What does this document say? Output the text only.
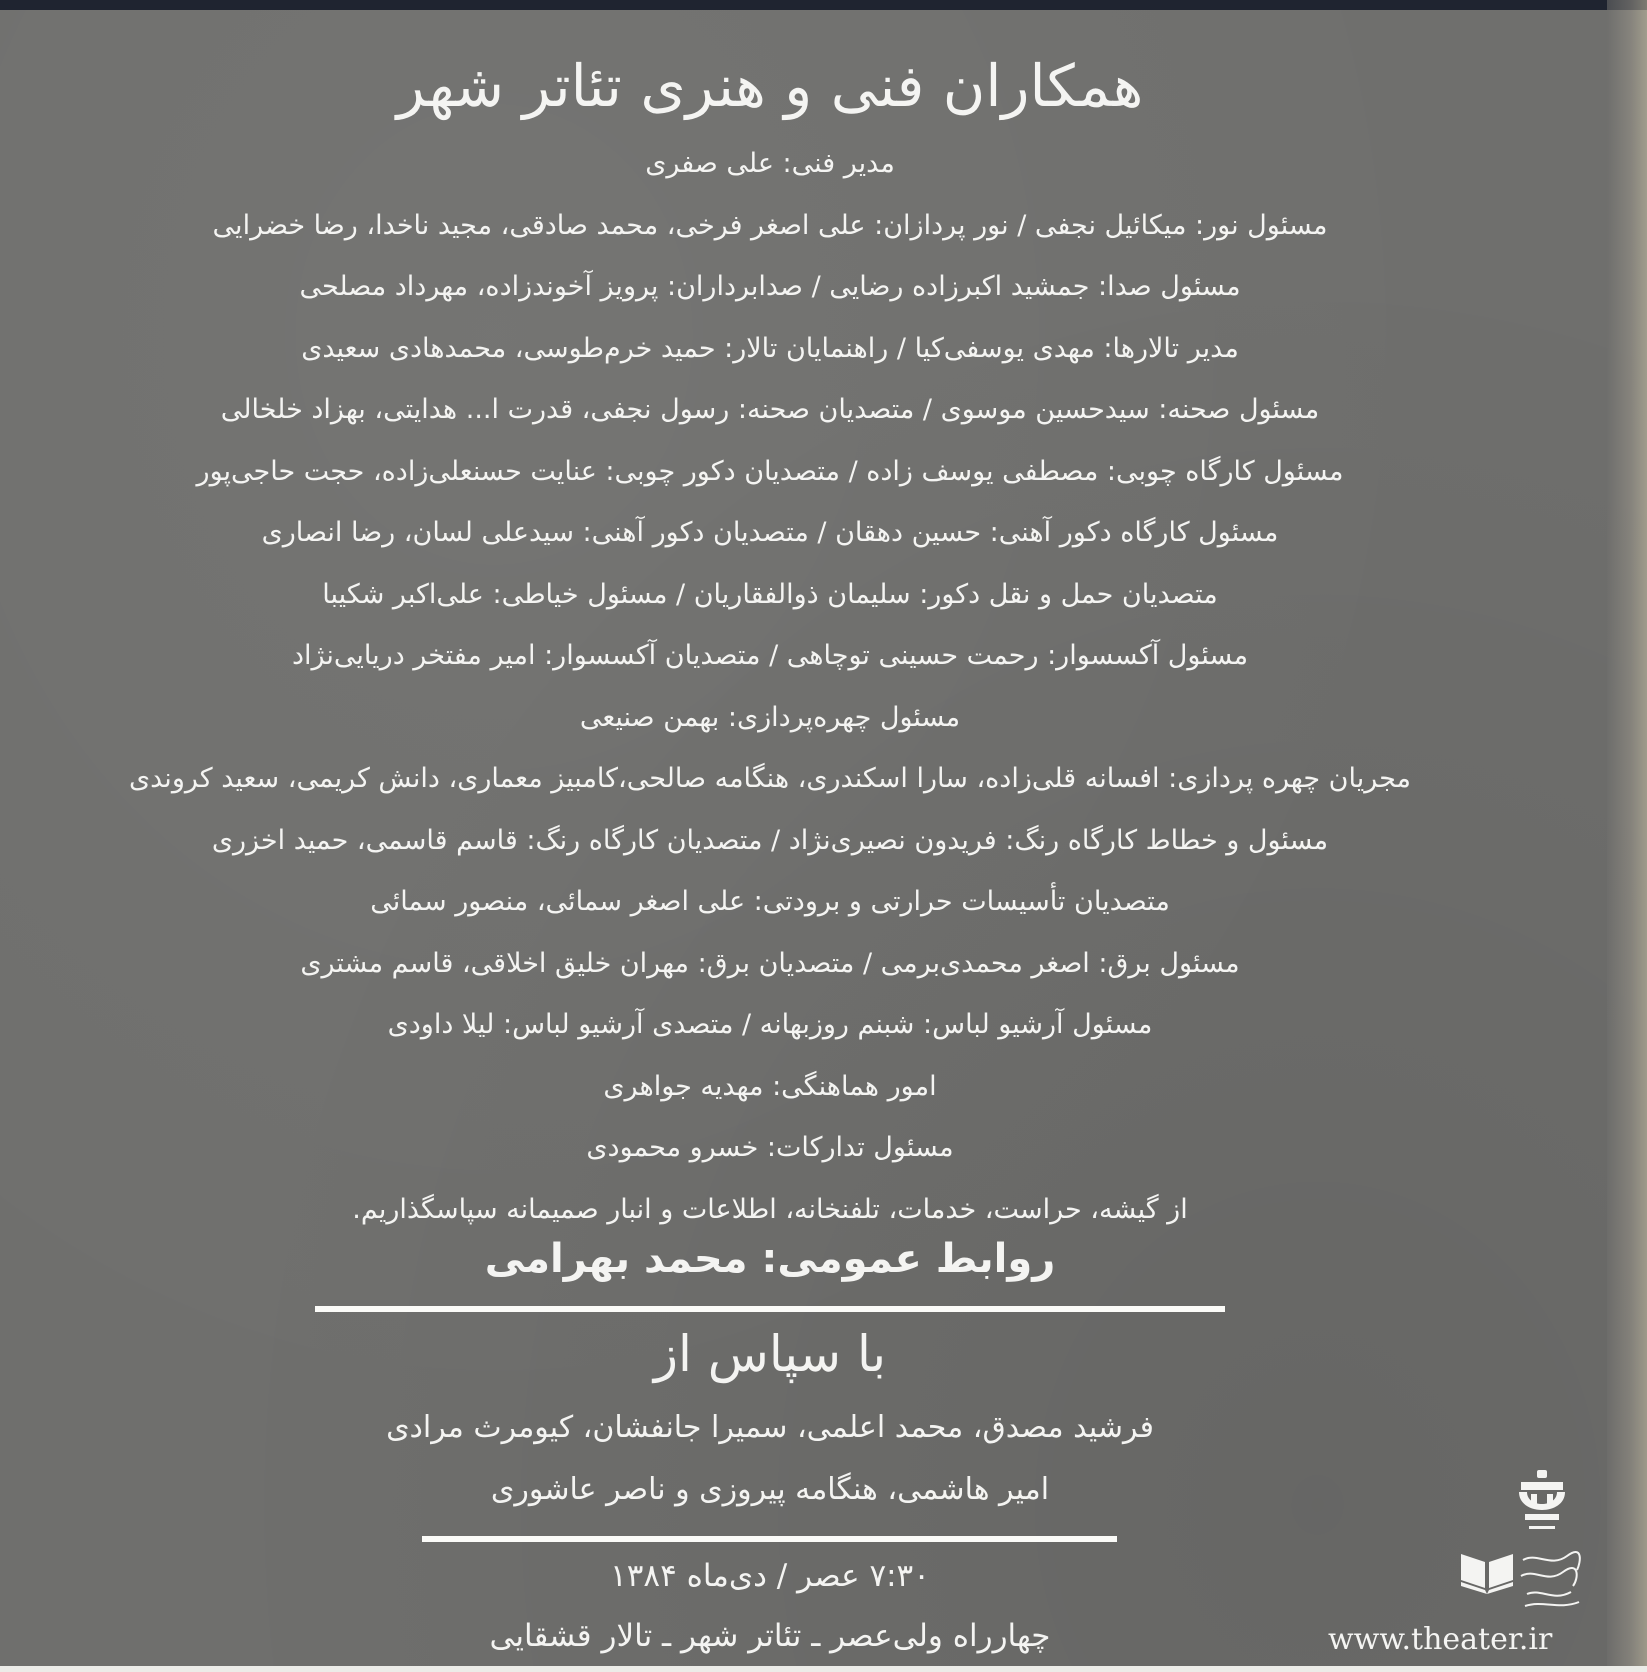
همکاران فنی و هنری تئاتر شهر
مدیر فنی: علی صفری
مسئول نور: میکائیل نجفی / نور پردازان: علی اصغر فرخی، محمد صادقی، مجید ناخدا، رضا خضرایی
مسئول صدا: جمشید اکبرزاده رضایی / صدابرداران: پرویز آخوندزاده، مهرداد مصلحی
مدیر تالارها: مهدی یوسفی‌کیا / راهنمایان تالار: حمید خرم‌طوسی، محمدهادی سعیدی
مسئول صحنه: سیدحسین موسوی / متصدیان صحنه: رسول نجفی، قدرت ا... هدایتی، بهزاد خلخالی
مسئول کارگاه چوبی: مصطفی یوسف زاده / متصدیان دکور چوبی: عنایت حسنعلی‌زاده، حجت حاجی‌پور
مسئول کارگاه دکور آهنی: حسین دهقان / متصدیان دکور آهنی: سیدعلی لسان، رضا انصاری
متصدیان حمل و نقل دکور: سلیمان ذوالفقاریان / مسئول خیاطی: علی‌اکبر شکیبا
مسئول آکسسوار: رحمت حسینی توچاهی / متصدیان آکسسوار: امیر مفتخر دریایی‌نژاد
مسئول چهره‌پردازی: بهمن صنیعی
مجریان چهره پردازی: افسانه قلی‌زاده، سارا اسکندری، هنگامه صالحی،کامبیز معماری، دانش کریمی، سعید کروندی
مسئول و خطاط کارگاه رنگ: فریدون نصیری‌نژاد / متصدیان کارگاه رنگ: قاسم قاسمی، حمید اخزری
متصدیان تأسیسات حرارتی و برودتی: علی اصغر سمائی، منصور سمائی
مسئول برق: اصغر محمدی‌برمی / متصدیان برق: مهران خلیق اخلاقی، قاسم مشتری
مسئول آرشیو لباس: شبنم روزبهانه / متصدی آرشیو لباس: لیلا داودی
امور هماهنگی: مهدیه جواهری
مسئول تدارکات: خسرو محمودی
از گیشه، حراست، خدمات، تلفنخانه، اطلاعات و انبار صمیمانه سپاسگذاریم.
روابط عمومی: محمد بهرامی
با سپاس از
فرشید مصدق، محمد اعلمی، سمیرا جانفشان، کیومرث مرادی
امیر هاشمی، هنگامه پیروزی و ناصر عاشوری
۷:۳۰ عصر / دی‌ماه ۱۳۸۴
چهارراه ولی‌عصر ـ تئاتر شهر ـ تالار قشقایی	www.theater.ir
